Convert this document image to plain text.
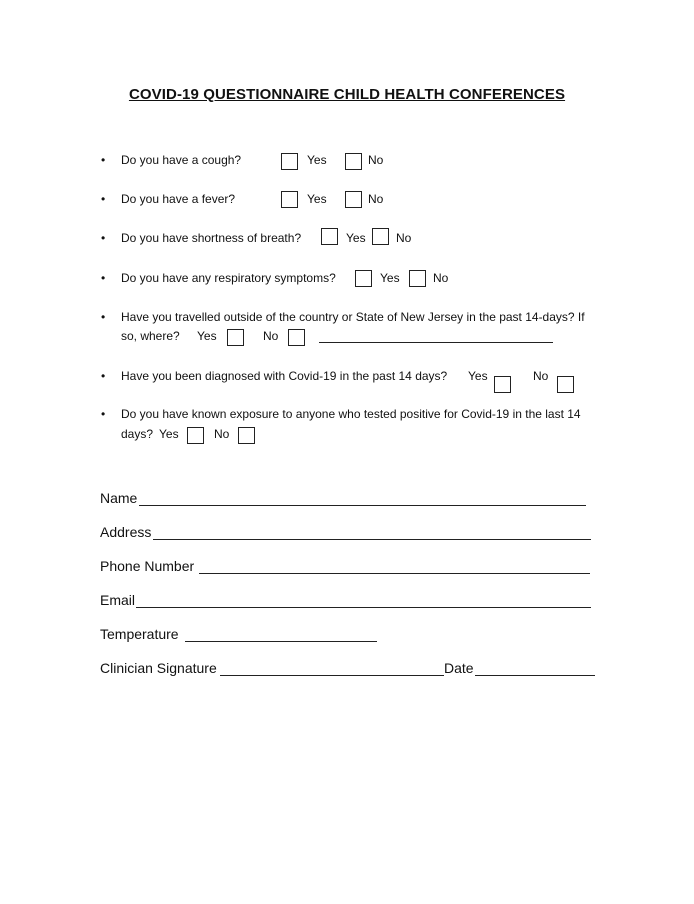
COVID-19 QUESTIONNAIRE CHILD HEALTH CONFERENCES
• Do you have a cough?	Yes	No
• Do you have a fever?	Yes	No
• Do you have shortness of breath?	Yes	No
• Do you have any respiratory symptoms?	Yes	No
• Have you travelled outside of the country or State of New Jersey in the past 14-days? If
so, where? Yes	No
• Have you been diagnosed with Covid-19 in the past 14 days? Yes	No
• Do you have known exposure to anyone who tested positive for Covid-19 in the last 14
days? Yes	No
Name
Address
Phone Number
Email
Temperature
Clinician Signature	Date
